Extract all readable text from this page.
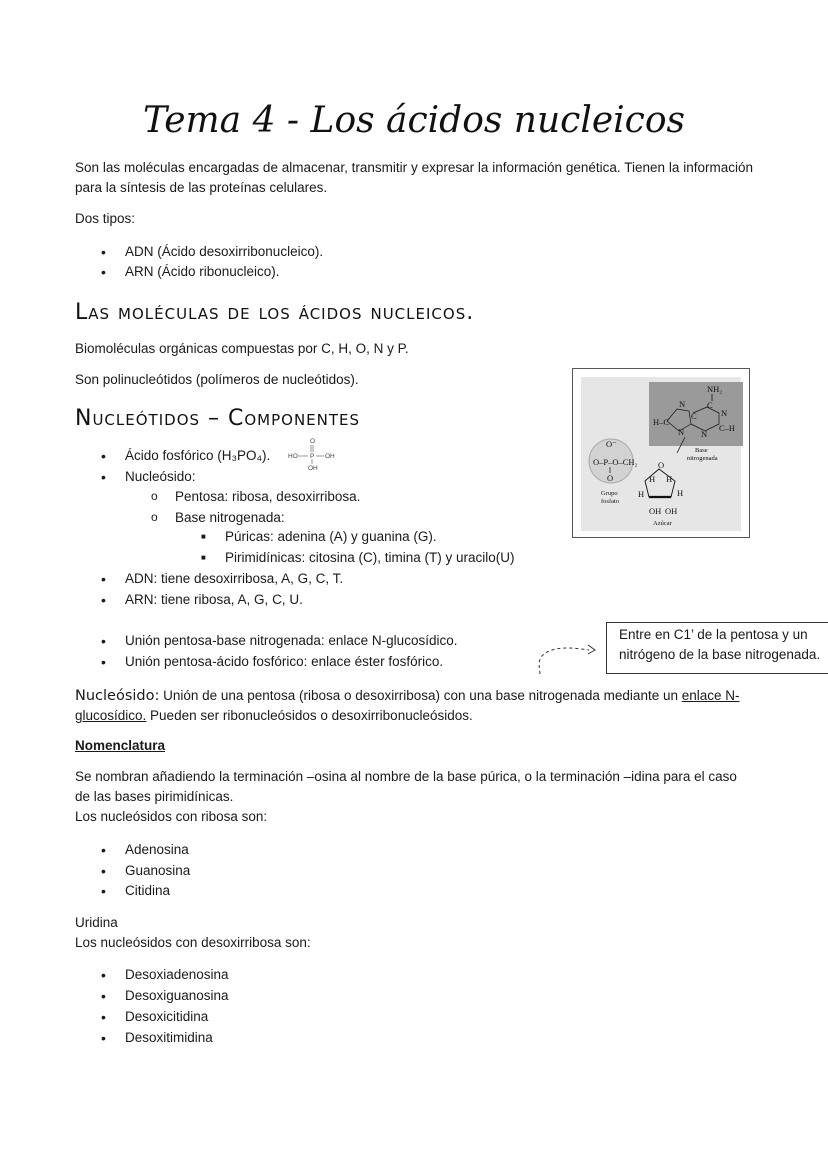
Tema 4 - Los ácidos nucleicos
Son las moléculas encargadas de almacenar, transmitir y expresar la información genética. Tienen la información para la síntesis de las proteínas celulares.
Dos tipos:
• ADN (Ácido desoxirribonucleico).
• ARN (Ácido ribonucleico).
Las moléculas de los ácidos nucleicos.
Biomoléculas orgánicas compuestas por C, H, O, N y P.
Son polinucleótidos (polímeros de nucleótidos).
Nucleótidos – Componentes
• Ácido fosfórico (H₃PO₄).
O
HO P OH
OH
• Nucleósido:
o Pentosa: ribosa, desoxirribosa.
o Base nitrogenada:
■ Púricas: adenina (A) y guanina (G).
■ Pirimidínicas: citosina (C), timina (T) y uracilo(U)
• ADN: tiene desoxirribosa, A, G, C, T.
• ARN: tiene ribosa, A, G, C, U.
• Unión pentosa-base nitrogenada: enlace N-glucosídico.
• Unión pentosa-ácido fosfórico: enlace éster fosfórico.
Entre en C1’ de la pentosa y un
nitrógeno de la base nitrogenada.
NH₂
C
N
N
H–C
C
C–H
N N
Base
nitrogenada
O⁻
O–P–O–CH₂ O
O
Grupo
fosfato
H H
H	H
OH OH
Azúcar
Nucleósido: Unión de una pentosa (ribosa o desoxirribosa) con una base nitrogenada mediante un enlace N-
glucosídico. Pueden ser ribonucleósidos o desoxirribonucleósidos.
Nomenclatura
Se nombran añadiendo la terminación –osina al nombre de la base púrica, o la terminación –idina para el caso de las bases pirimidínicas.
Los nucleósidos con ribosa son:
• Adenosina
• Guanosina
• Citidina
Uridina
Los nucleósidos con desoxirribosa son:
• Desoxiadenosina
• Desoxiguanosina
• Desoxicitidina
• Desoxitimidina
